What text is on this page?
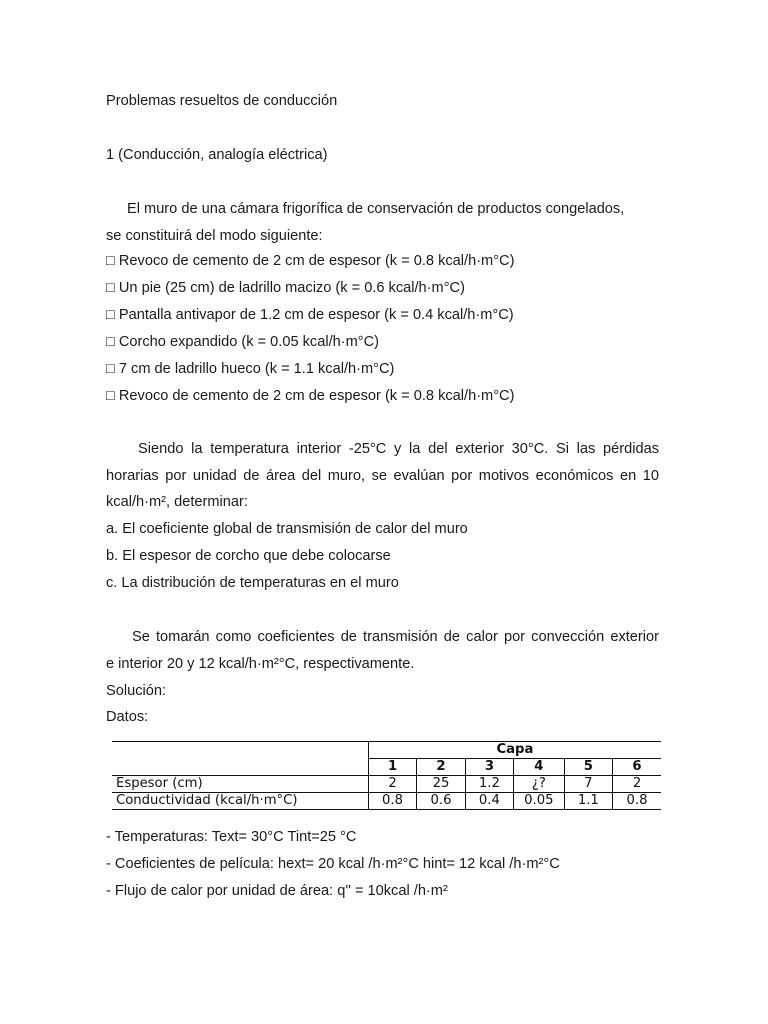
Problemas resueltos de conducción
1 (Conducción, analogía eléctrica)
El muro de una cámara frigorífica de conservación de productos congelados,
se constituirá del modo siguiente:
□ Revoco de cemento de 2 cm de espesor (k = 0.8 kcal/h·m°C)
□ Un pie (25 cm) de ladrillo macizo (k = 0.6 kcal/h·m°C)
□ Pantalla antivapor de 1.2 cm de espesor (k = 0.4 kcal/h·m°C)
□ Corcho expandido (k = 0.05 kcal/h·m°C)
□ 7 cm de ladrillo hueco (k = 1.1 kcal/h·m°C)
□ Revoco de cemento de 2 cm de espesor (k = 0.8 kcal/h·m°C)
Siendo la temperatura interior -25°C y la del exterior 30°C. Si las pérdidas
horarias por unidad de área del muro, se evalúan por motivos económicos en 10
kcal/h·m², determinar:
a. El coeficiente global de transmisión de calor del muro
b. El espesor de corcho que debe colocarse
c. La distribución de temperaturas en el muro
Se tomarán como coeficientes de transmisión de calor por convección exterior
e interior 20 y 12 kcal/h·m²°C, respectivamente.
Solución:
Datos:
	Capa					
	1	2	3	4	5	6
Espesor (cm)	2	25	1.2	¿?	7	2
Conductividad (kcal/h·m°C)	0.8	0.6	0.4	0.05	1.1	0.8
- Temperaturas: Text= 30°C Tint=25 °C
- Coeficientes de película: hext= 20 kcal /h·m²°C hint= 12 kcal /h·m²°C
- Flujo de calor por unidad de área: q'' = 10kcal /h·m²
